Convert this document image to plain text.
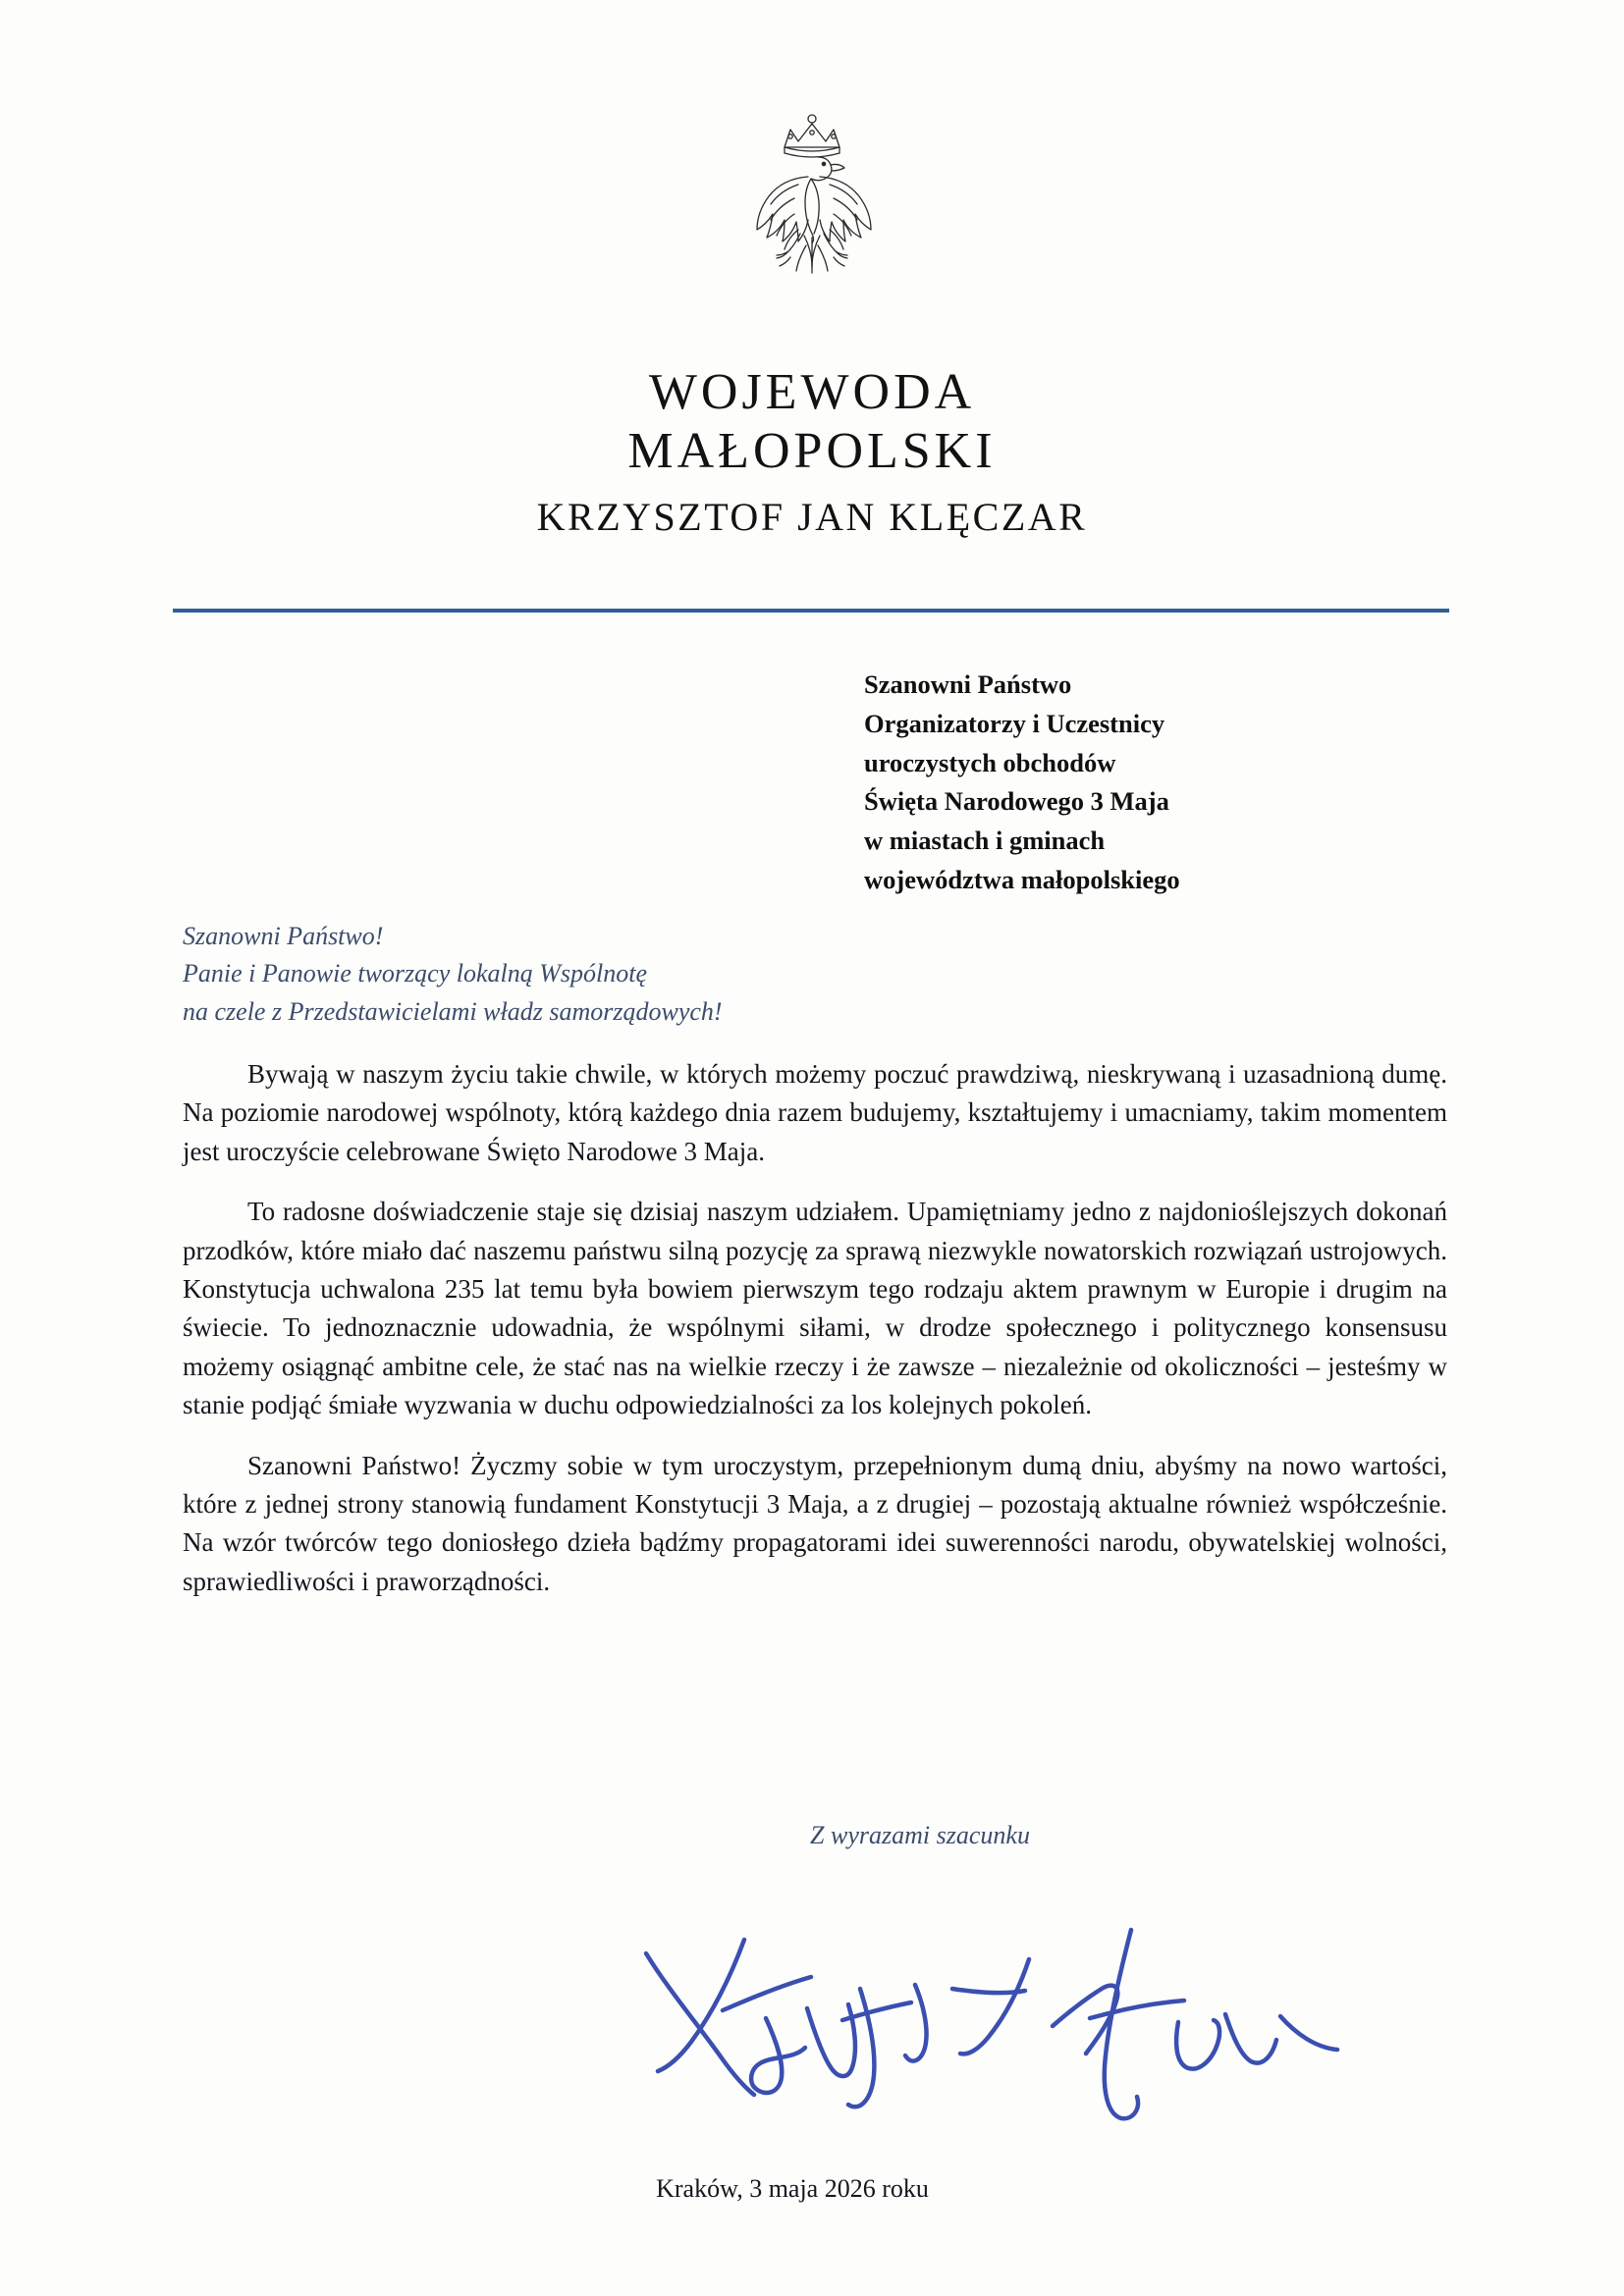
WOJEWODA
MAŁOPOLSKI
KRZYSZTOF JAN KLĘCZAR
Szanowni Państwo
Organizatorzy i Uczestnicy
uroczystych obchodów
Święta Narodowego 3 Maja
w miastach i gminach
województwa małopolskiego
Szanowni Państwo!
Panie i Panowie tworzący lokalną Wspólnotę
na czele z Przedstawicielami władz samorządowych!

Bywają w naszym życiu takie chwile, w których możemy poczuć prawdziwą, nieskrywaną i uzasadnioną dumę. Na poziomie narodowej wspólnoty, którą każdego dnia razem budujemy, kształtujemy i umacniamy, takim momentem jest uroczyście celebrowane Święto Narodowe 3 Maja.

To radosne doświadczenie staje się dzisiaj naszym udziałem. Upamiętniamy jedno z najdonioślejszych dokonań przodków, które miało dać naszemu państwu silną pozycję za sprawą niezwykle nowatorskich rozwiązań ustrojowych. Konstytucja uchwalona 235 lat temu była bowiem pierwszym tego rodzaju aktem prawnym w Europie i drugim na świecie. To jednoznacznie udowadnia, że wspólnymi siłami, w drodze społecznego i politycznego konsensusu możemy osiągnąć ambitne cele, że stać nas na wielkie rzeczy i że zawsze – niezależnie od okoliczności – jesteśmy w stanie podjąć śmiałe wyzwania w duchu odpowiedzialności za los kolejnych pokoleń.

Szanowni Państwo! Życzmy sobie w tym uroczystym, przepełnionym dumą dniu, abyśmy na nowo wartości, które z jednej strony stanowią fundament Konstytucji 3 Maja, a z drugiej – pozostają aktualne również współcześnie. Na wzór twórców tego doniosłego dzieła bądźmy propagatorami idei suwerenności narodu, obywatelskiej wolności, sprawiedliwości i praworządności.

Z wyrazami szacunku
Kraków, 3 maja 2026 roku
